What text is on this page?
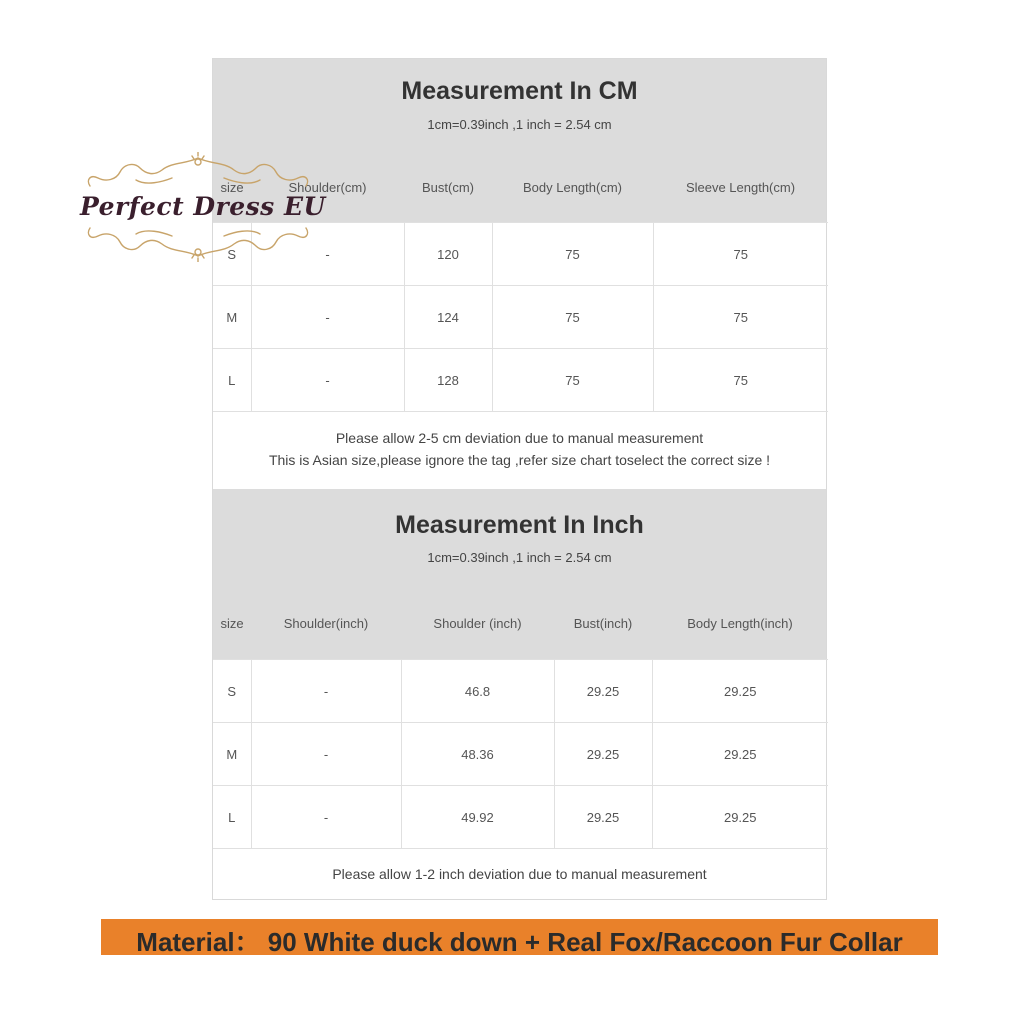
Measurement In CM
1cm=0.39inch ,1 inch = 2.54 cm
size	Shoulder(cm)	Bust(cm)	Body Length(cm)	Sleeve Length(cm)
S	-	120	75	75
M	-	124	75	75
L	-	128	75	75
Please allow 2-5 cm deviation due to manual measurement
This is Asian size,please ignore the tag ,refer size chart toselect the correct size !
Measurement In Inch
1cm=0.39inch ,1 inch = 2.54 cm
size	Shoulder(inch)	Shoulder (inch)	Bust(inch)	Body Length(inch)
S	-	46.8	29.25	29.25
M	-	48.36	29.25	29.25
L	-	49.92	29.25	29.25
Please allow 1-2 inch deviation due to manual measurement
Material： 90 White duck down + Real Fox/Raccoon Fur Collar
Perfect Dress EU
